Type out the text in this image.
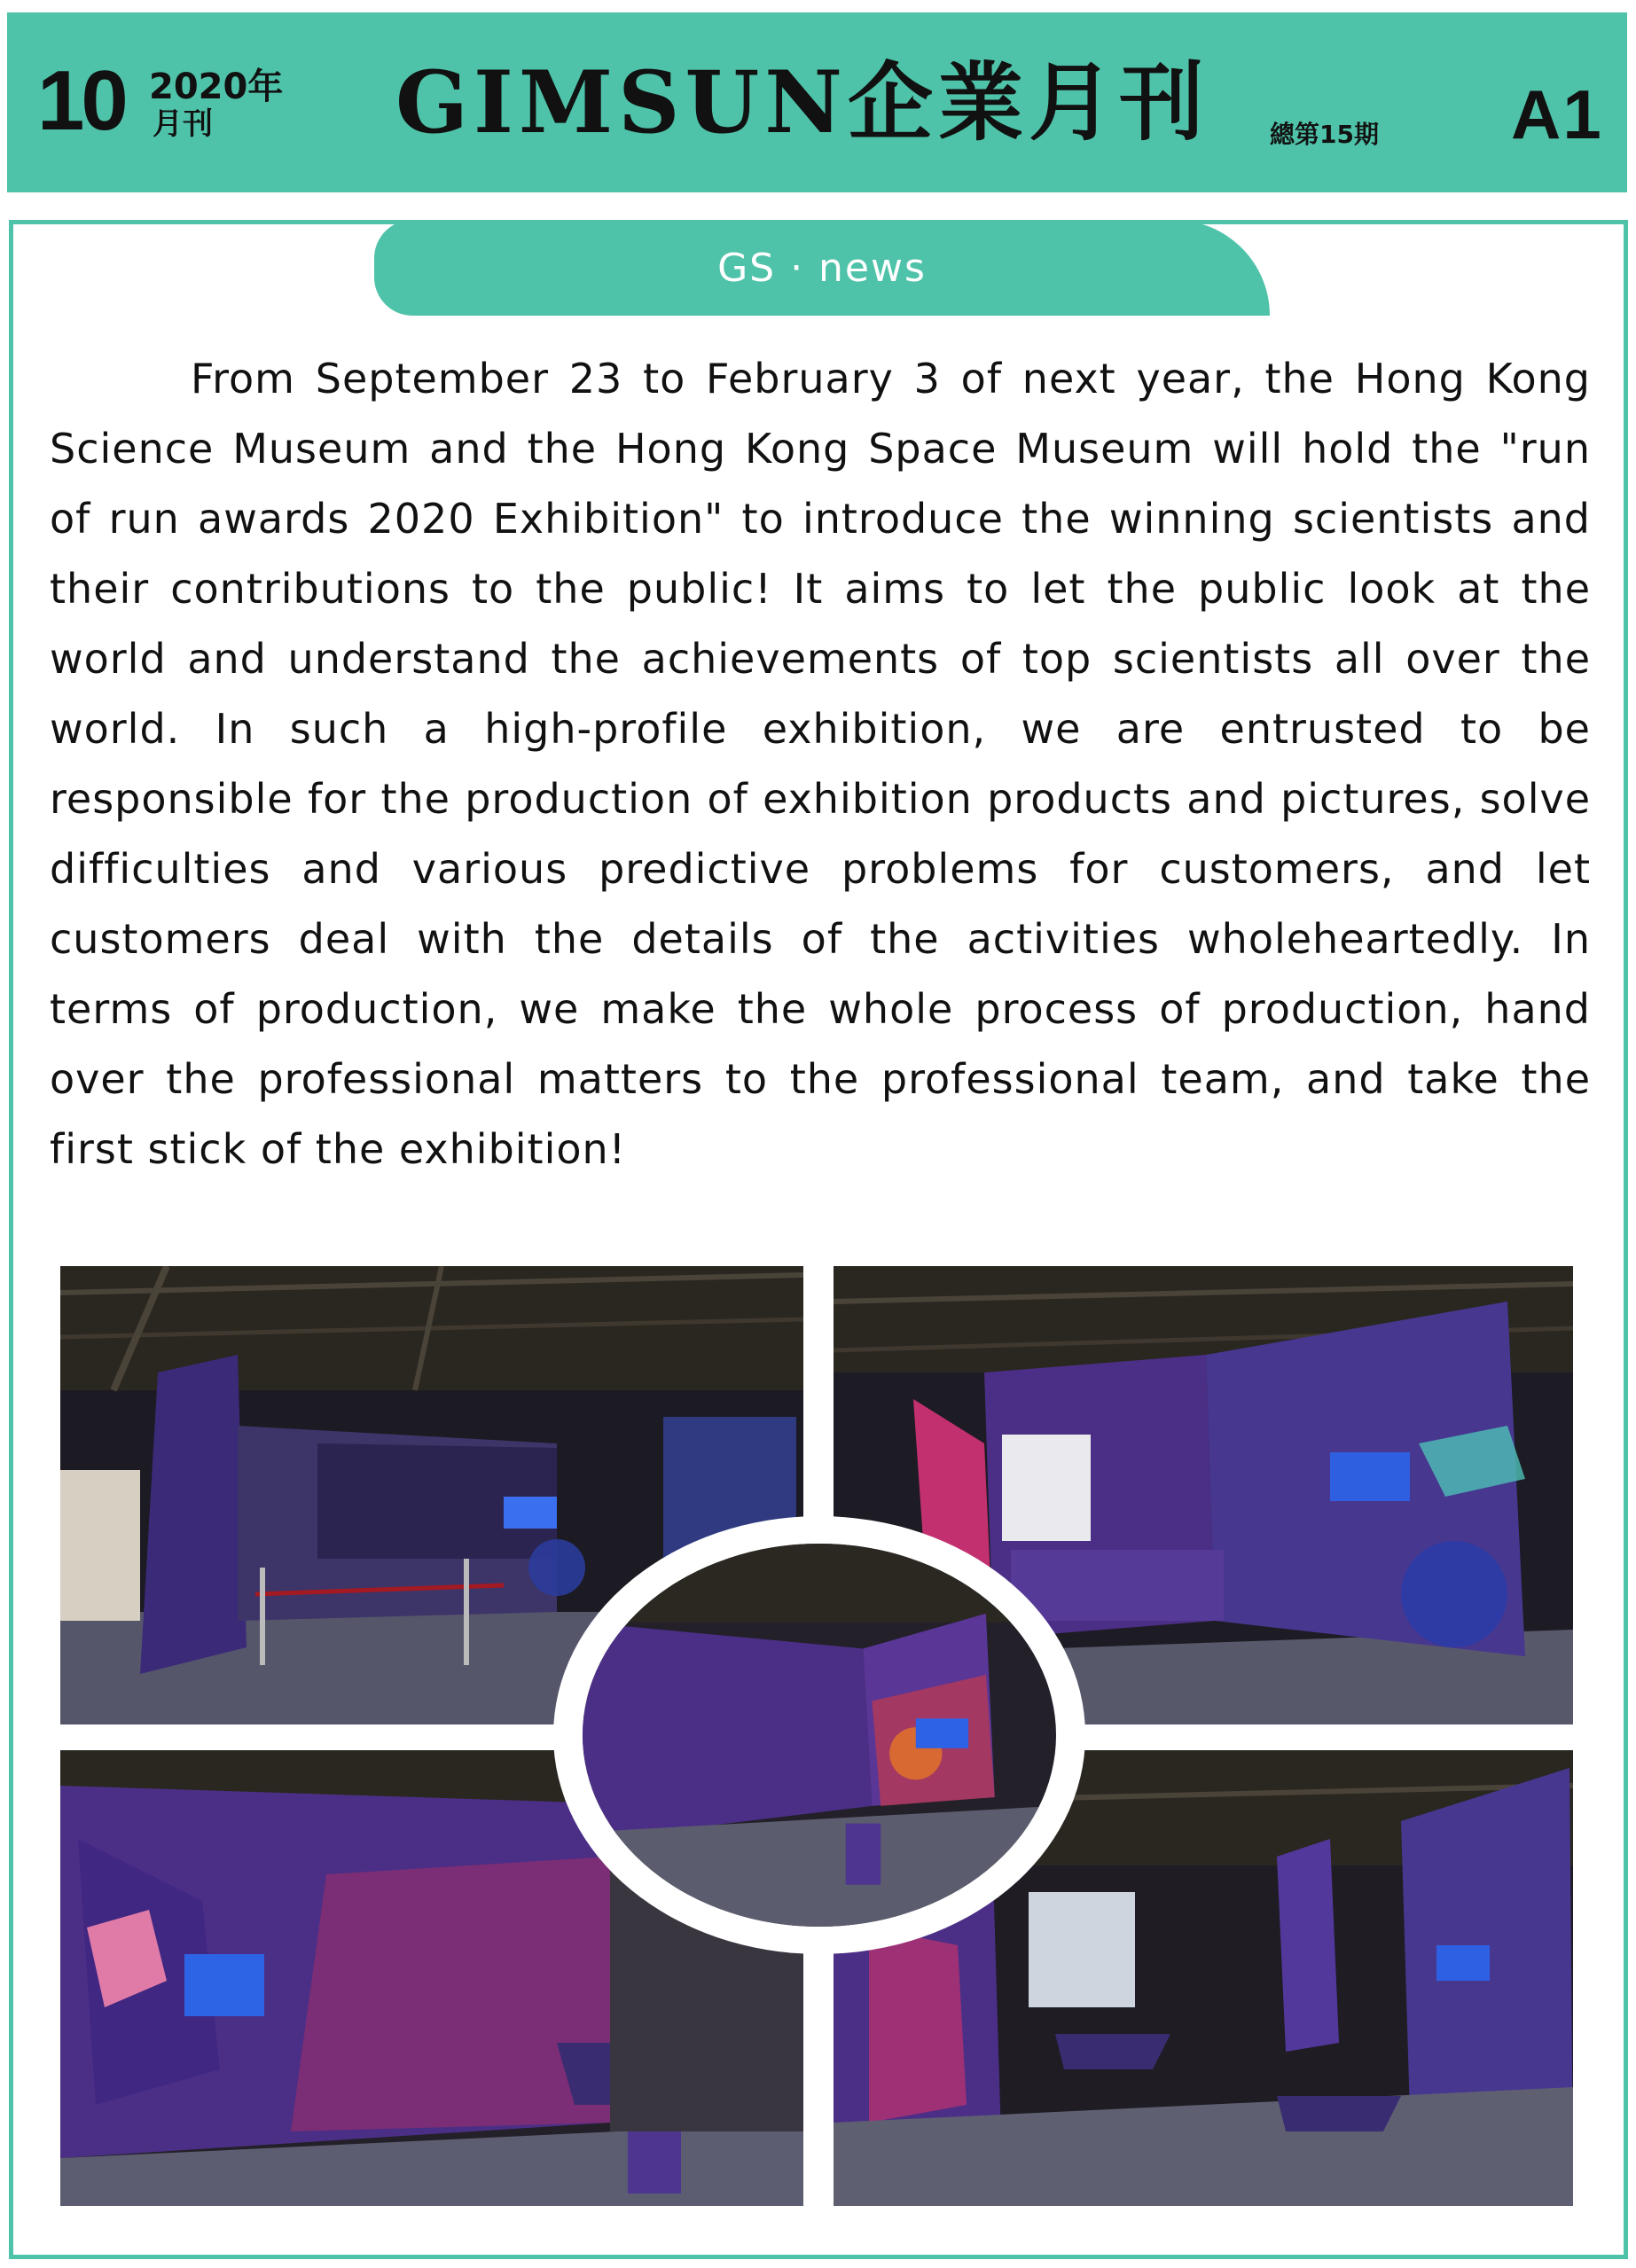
10 2020年
月刊	GIMSUN企業月刊 總第15期 A1
GS · news

From September 23 to February 3 of next year, the Hong Kong Science Museum and the Hong Kong Space Museum will hold the "run of run awards 2020 Exhibition" to introduce the winning scientists and their contributions to the public! It aims to let the public look at the world and understand the achievements of top scientists all over the world. In such a high-profile exhibition, we are entrusted to be responsible for the production of exhibition products and pictures, solve difficulties and various predictive problems for customers, and let customers deal with the details of the activities wholeheartedly. In terms of production, we make the whole process of production, hand over the professional matters to the professional team, and take the first stick of the exhibition!
